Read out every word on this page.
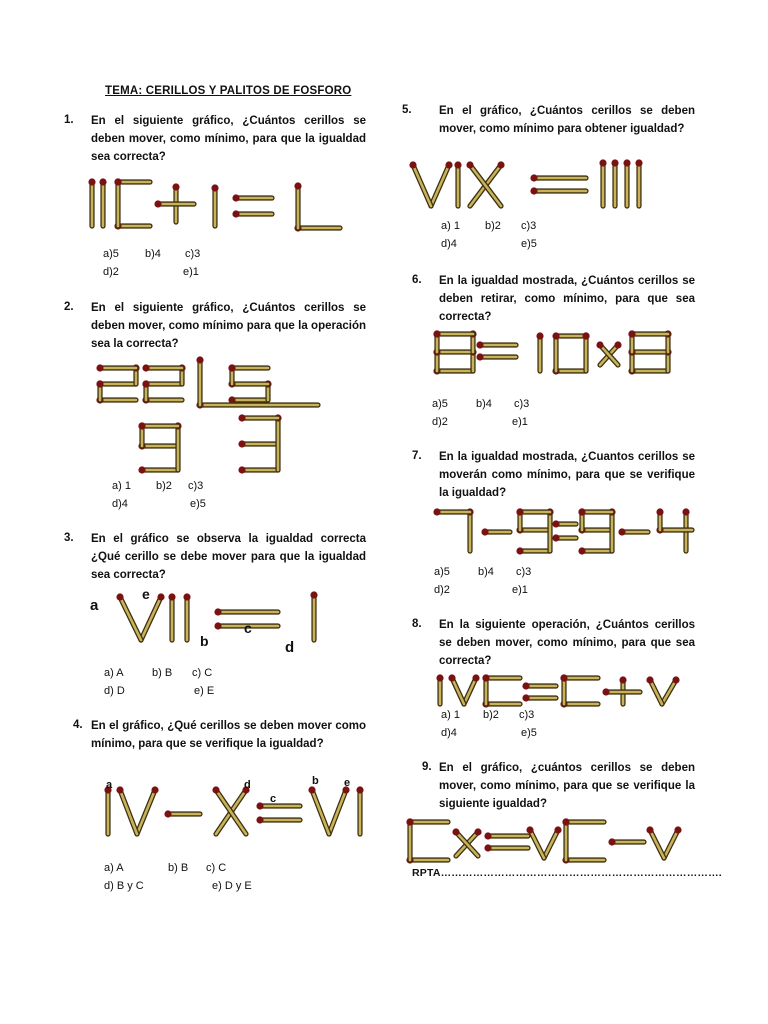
TEMA: CERILLOS Y PALITOS DE FOSFORO
1. En el siguiente gráfico, ¿Cuántos cerillos se deben mover, como mínimo, para que la igualdad sea correcta?
a)5 b)4 c)3
d)2	e)1
2. En el siguiente gráfico, ¿Cuántos cerillos se deben mover, como mínimo para que la operación sea la correcta?
a) 1 b)2 c)3
d)4	e)5
3. En el gráfico se observa la igualdad correcta ¿Qué cerillo se debe mover para que la igualdad sea correcta?
a
e
b
c
d
a) A	b) B c) C
d) D	e) E
4. En el gráfico, ¿Qué cerillos se deben mover como mínimo, para que se verifique la igualdad?
a	d
c
b e
a) A	b) B c) C
d) B y C	e) D y E
5. En el gráfico, ¿Cuántos cerillos se deben mover, como mínimo para obtener igualdad?
a) 1 b)2 c)3
d)4	e)5
6. En la igualdad mostrada, ¿Cuántos cerillos se deben retirar, como mínimo, para que sea correcta?
a)5	b)4 c)3
d)2	e)1
7. En la igualdad mostrada, ¿Cuantos cerillos se moverán como mínimo, para que se verifique la igualdad?
a)5	b)4 c)3
d)2	e)1
8. En la siguiente operación, ¿Cuántos cerillos se deben mover, como mínimo, para que sea correcta?
a) 1 b)2 c)3
d)4	e)5
9. En el gráfico, ¿cuántos cerillos se deben mover, como mínimo, para que se verifique la siguiente igualdad?
RPTA…………………………………………………………………….
